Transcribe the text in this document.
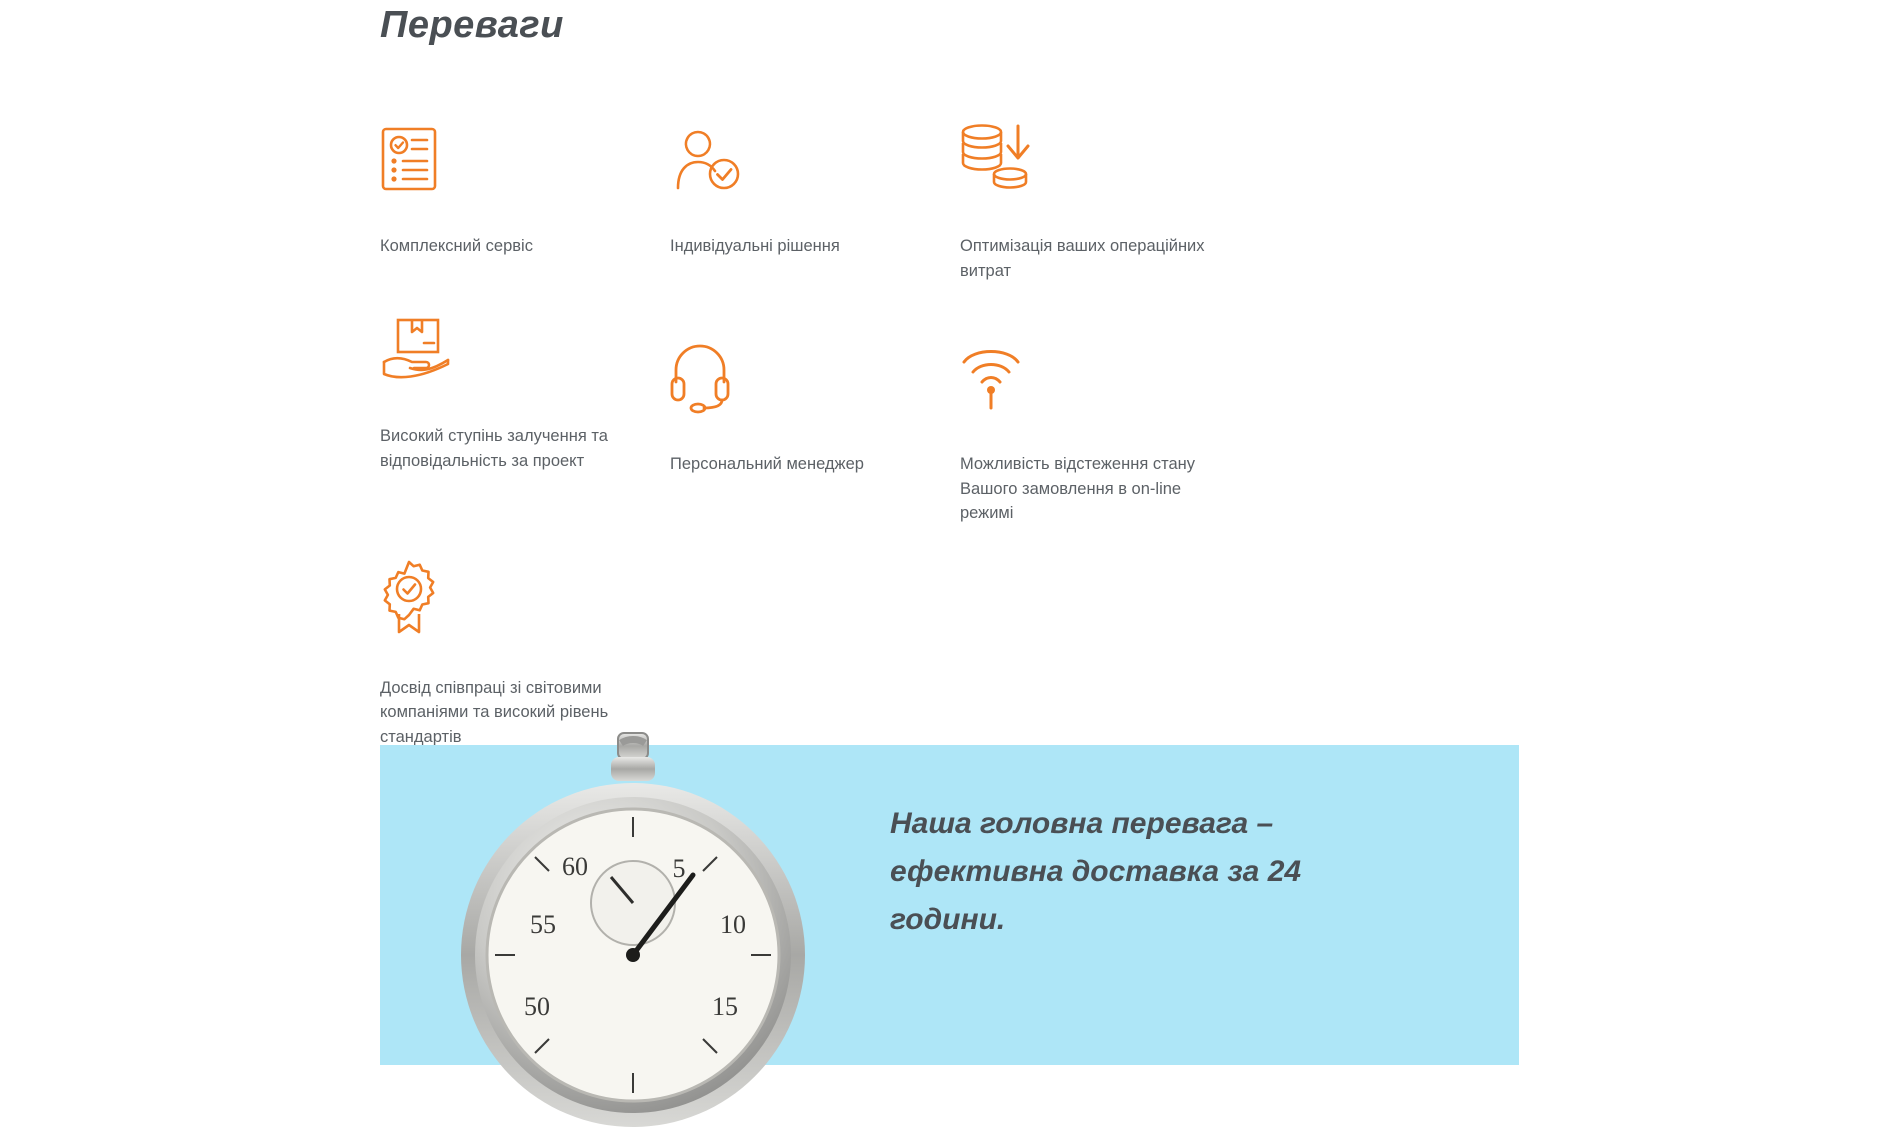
Переваги
Комплексний сервіс	Індивідуальні рішення	Оптимізація ваших операційних витрат
Високий ступінь залучення та відповідальність за проект	Персональний менеджер	Можливість відстеження стану Вашого замовлення в on-line режимі
Досвід співпраці зі світовими компаніями та високий рівень стандартів
60	5
10
15
55
50
Наша головна перевага – ефективна доставка за 24 години.
